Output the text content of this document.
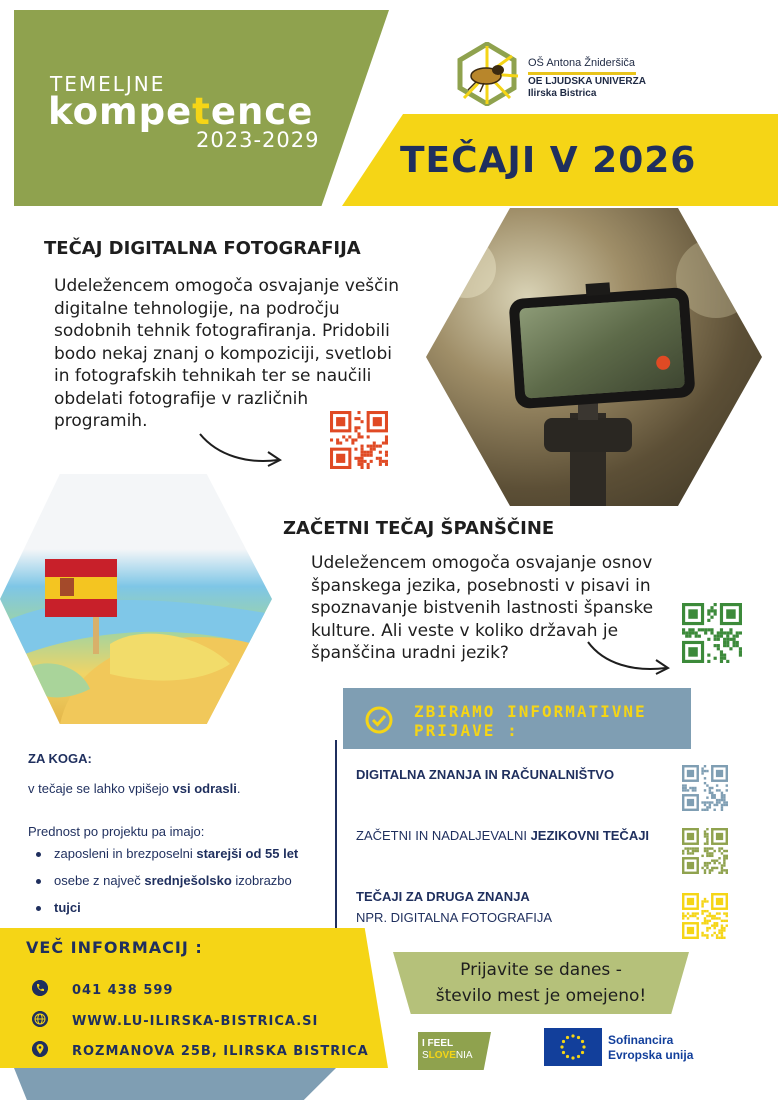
TEMELJNE
kompetence
2023-2029
OŠ Antona Žnideršiča
OE LJUDSKA UNIVERZA
Ilirska Bistrica
TEČAJI V 2026
TEČAJ DIGITALNA FOTOGRAFIJA
Udeležencem omogoča osvajanje veščin digitalne tehnologije, na področju sodobnih tehnik fotografiranja. Pridobili bodo nekaj znanj o kompoziciji, svetlobi in fotografskih tehnikah ter se naučili obdelati fotografije v različnih programih.
ZAČETNI TEČAJ ŠPANŠČINE
Udeležencem omogoča osvajanje osnov španskega jezika, posebnosti v pisavi in spoznavanje bistvenih lastnosti španske kulture. Ali veste v koliko državah je španščina uradni jezik?
ZBIRAMO INFORMATIVNE
PRIJAVE :
ZA KOGA:
v tečaje se lahko vpišejo vsi odrasli.
Prednost po projektu pa imajo:
zaposleni in brezposelni starejši od 55 let
osebe z največ srednješolsko izobrazbo
tujci
DIGITALNA ZNANJA IN RAČUNALNIŠTVO
ZAČETNI IN NADALJEVALNI JEZIKOVNI TEČAJI
TEČAJI ZA DRUGA ZNANJA
NPR. DIGITALNA FOTOGRAFIJA
VEČ INFORMACIJ :
041 438 599
WWW.LU-ILIRSKA-BISTRICA.SI
ROZMANOVA 25B, ILIRSKA BISTRICA
Prijavite se danes -
število mest je omejeno!
I FEEL
SLOVENIA
Sofinancira
Evropska unija
